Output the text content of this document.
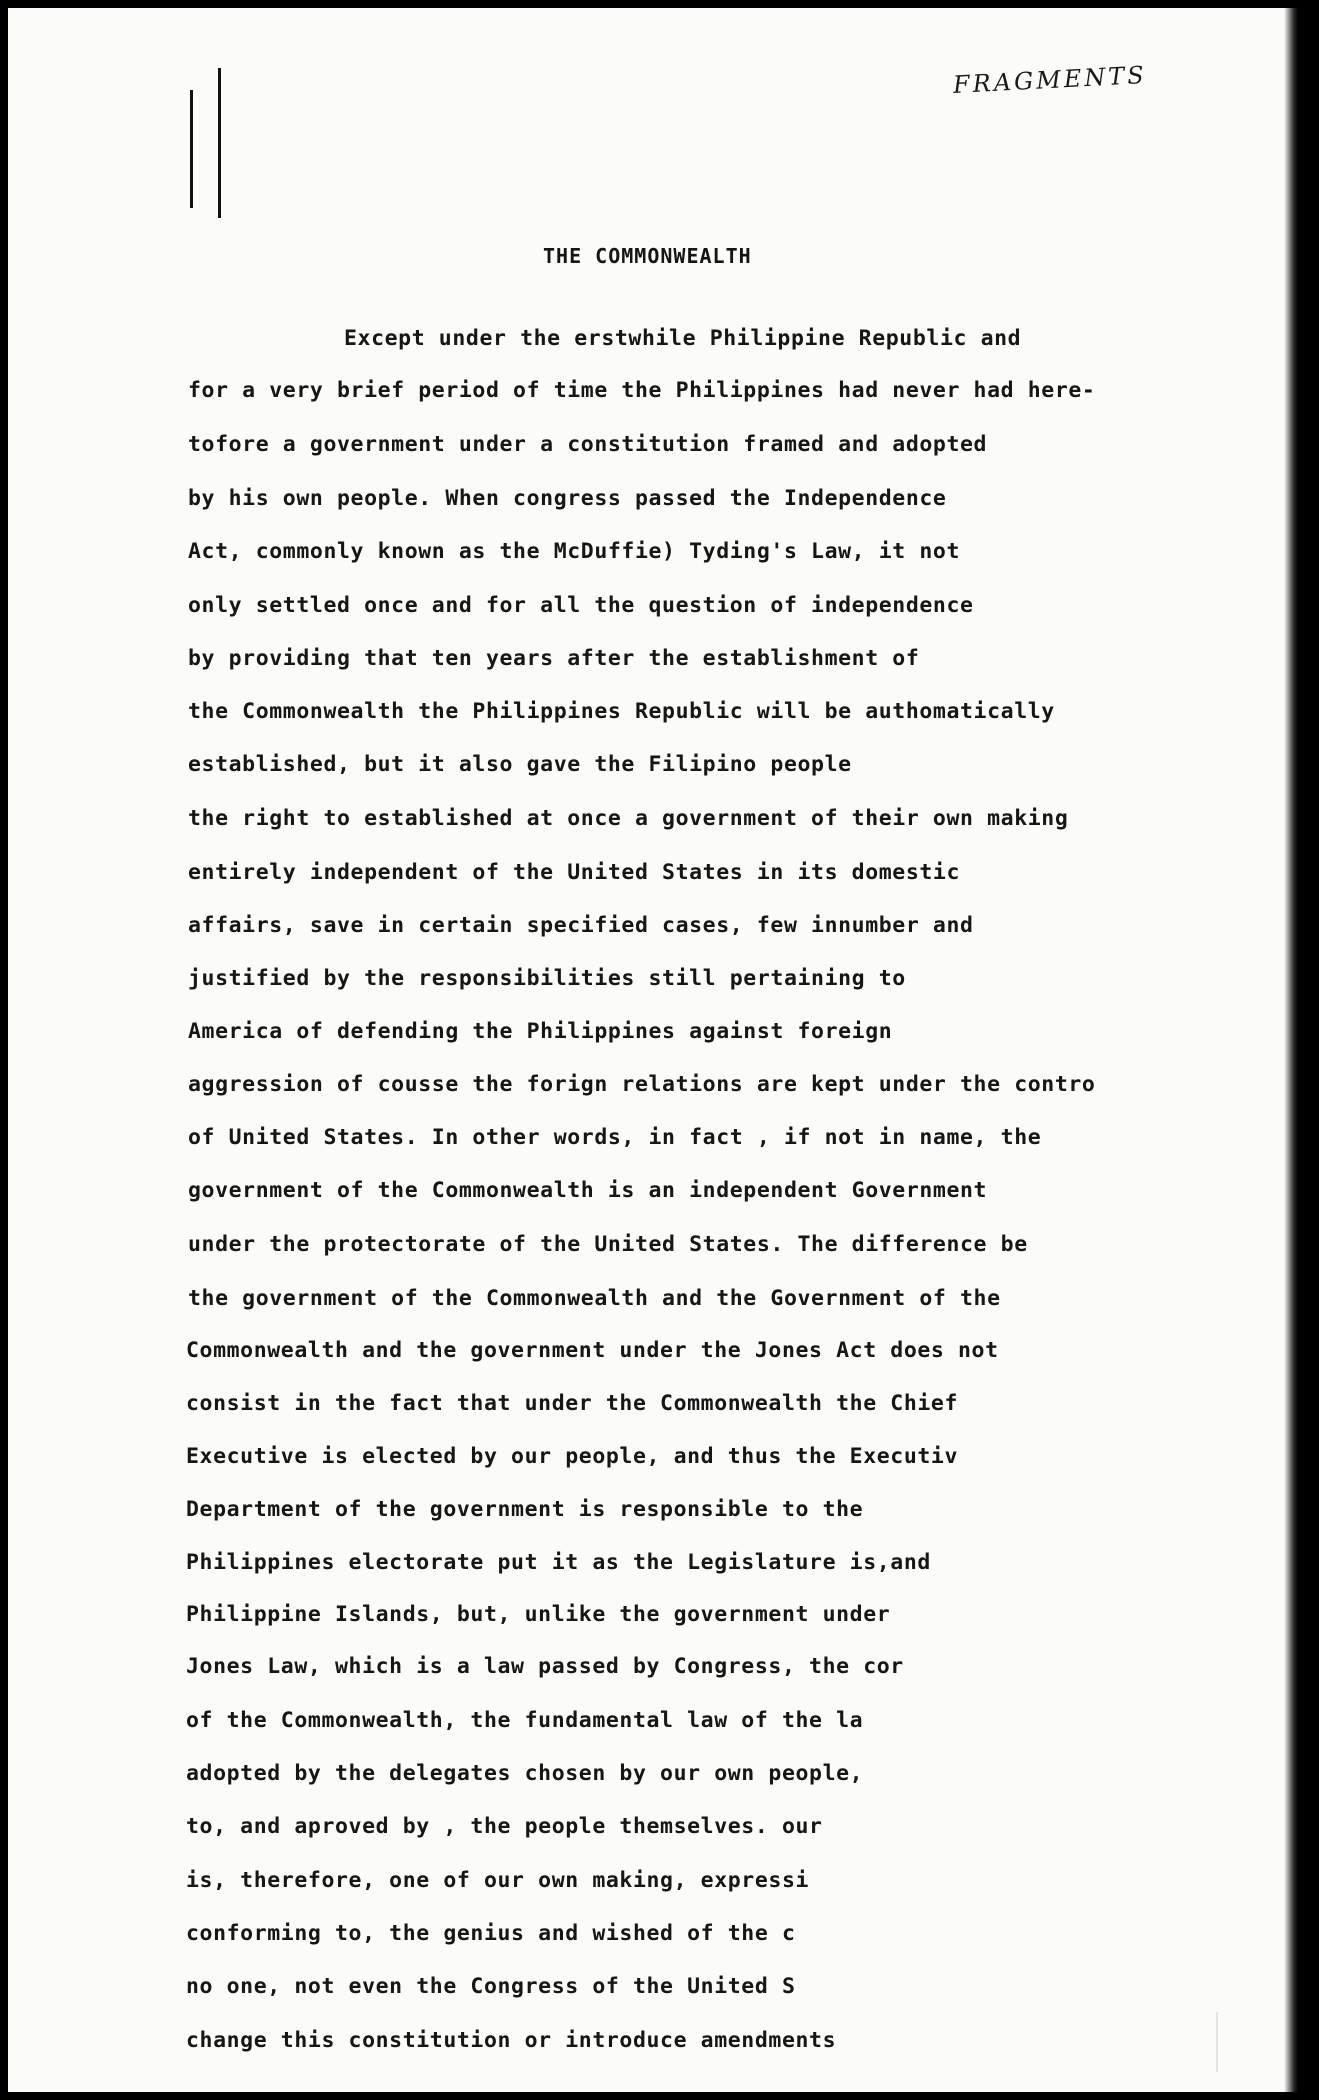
FRAGMENTS
THE COMMONWEALTH
Except under the erstwhile Philippine Republic and
for a very brief period of time the Philippines had never had here-
tofore a government under a constitution framed and adopted
by his own people. When congress passed the Independence
Act, commonly known as the McDuffie) Tyding's Law, it not
only settled once and for all the question of independence
by providing that ten years after the establishment of
the Commonwealth the Philippines Republic will be authomatically
established, but it also gave the Filipino people
the right to established at once a government of their own making
entirely independent of the United States in its domestic
affairs, save in certain specified cases, few innumber and
justified by the responsibilities still pertaining to
America of defending the Philippines against foreign
aggression of cousse the forign relations are kept under the contro
of United States. In other words, in fact , if not in name, the
government of the Commonwealth is an independent Government
under the protectorate of the United States. The difference be
the government of the Commonwealth and the Government of the
Commonwealth and the government under the Jones Act does not
consist in the fact that under the Commonwealth the Chief
Executive is elected by our people, and thus the Executiv
Department of the government is responsible to the
Philippines electorate put it as the Legislature is,and
Philippine Islands, but, unlike the government under
Jones Law, which is a law passed by Congress, the cor
of the Commonwealth, the fundamental law of the la
adopted by the delegates chosen by our own people,
to, and aproved by , the people themselves. our
is, therefore, one of our own making, expressi
conforming to, the genius and wished of the c
no one, not even the Congress of the United S
change this constitution or introduce amendments
